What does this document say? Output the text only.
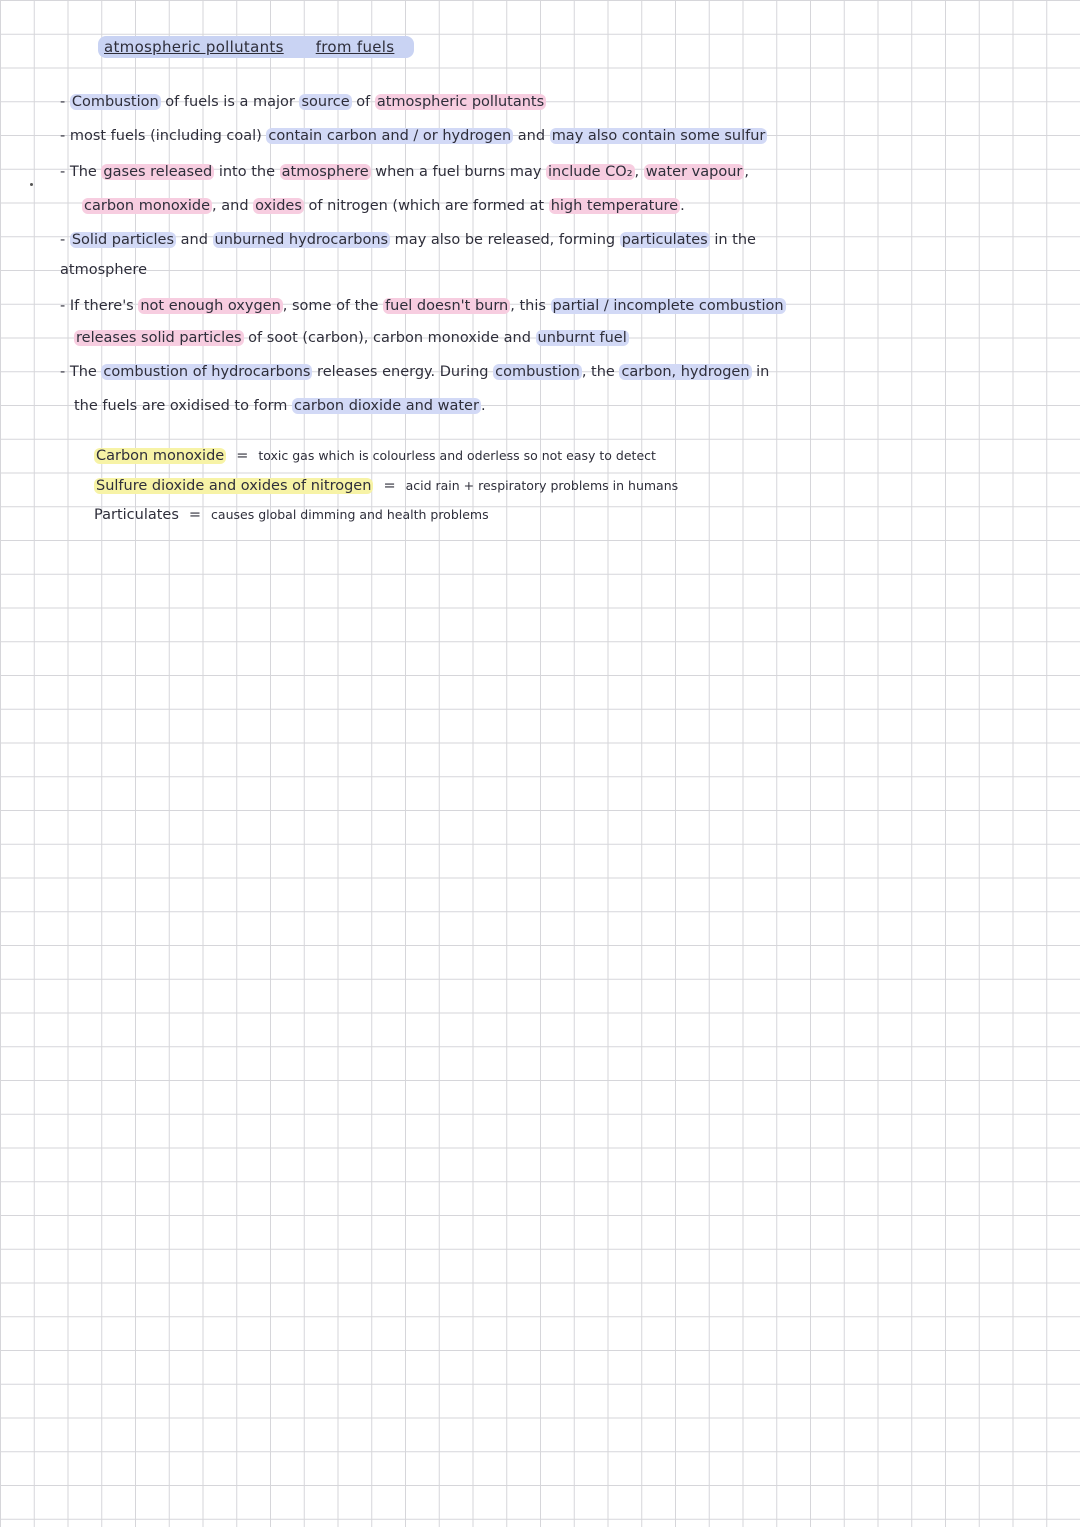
atmospheric pollutants from fuels
- Combustion of fuels is a major source of atmospheric pollutants
- most fuels (including coal) contain carbon and / or hydrogen and may also contain some sulfur
- The gases released into the atmosphere when a fuel burns may include CO₂ , water vapour ,
carbon monoxide , and oxides of nitrogen (which are formed at high temperature .
- Solid particles and unburned hydrocarbons may also be released, forming particulates in the
atmosphere
- If there's not enough oxygen , some of the fuel doesn't burn , this partial / incomplete combustion
releases solid particles of soot (carbon), carbon monoxide and unburnt fuel
- The combustion of hydrocarbons releases energy. During combustion , the carbon, hydrogen in
the fuels are oxidised to form carbon dioxide and water .
Carbon monoxide = toxic gas which is colourless and oderless so not easy to detect
Sulfure dioxide and oxides of nitrogen = acid rain + respiratory problems in humans
Particulates = causes global dimming and health problems
